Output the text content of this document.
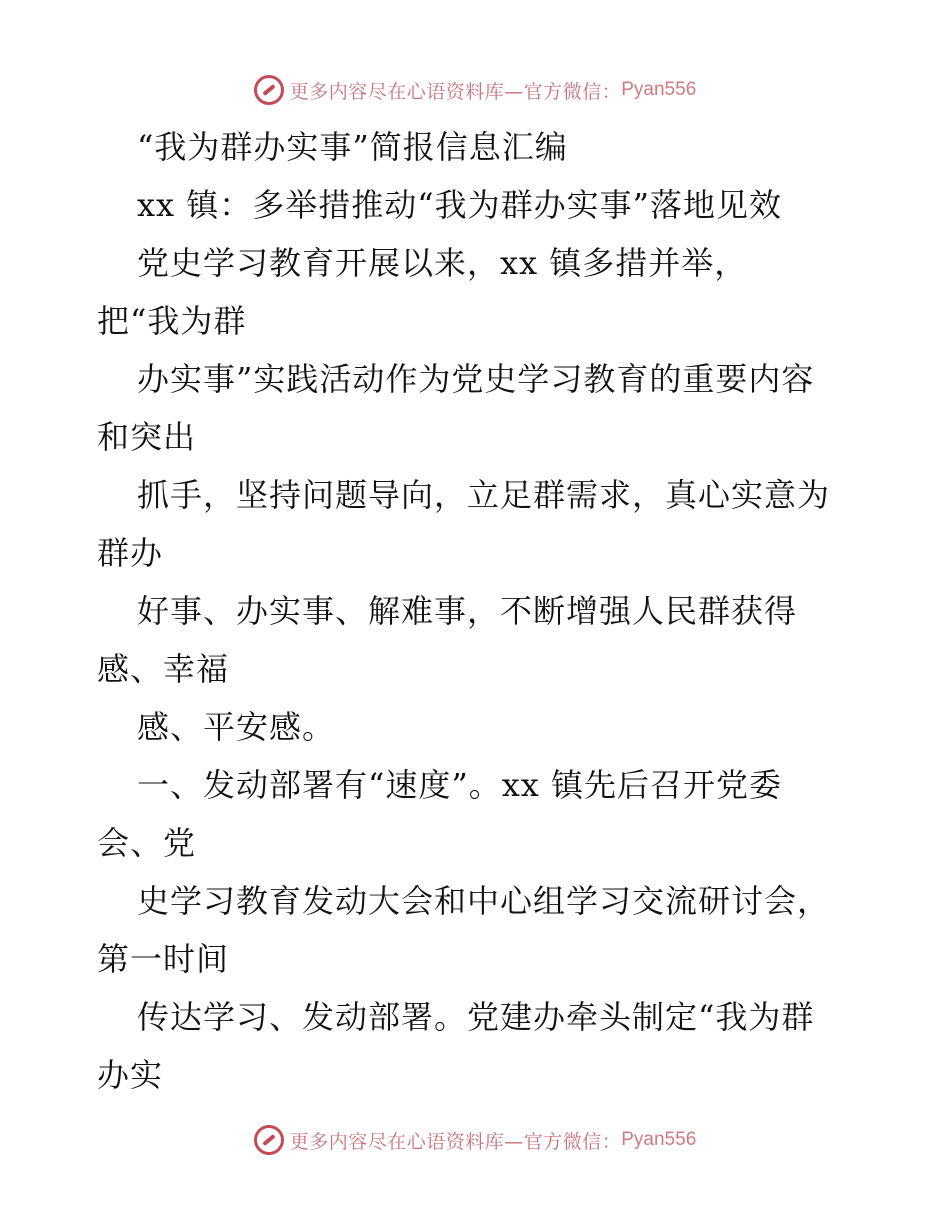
更多内容尽在心语资料库—官方微信： Pyan556
“我为群办实事”简报信息汇编
xx 镇：多举措推动“我为群办实事”落地见效
党史学习教育开展以来，xx 镇多措并举，
把“我为群
办实事”实践活动作为党史学习教育的重要内容
和突出
抓手，坚持问题导向，立足群需求，真心实意为
群办
好事、办实事、解难事，不断增强人民群获得
感、幸福
感、平安感。
一、发动部署有“速度”。xx 镇先后召开党委
会、党
史学习教育发动大会和中心组学习交流研讨会，
第一时间
传达学习、发动部署。党建办牵头制定“我为群
办实
更多内容尽在心语资料库—官方微信： Pyan556
